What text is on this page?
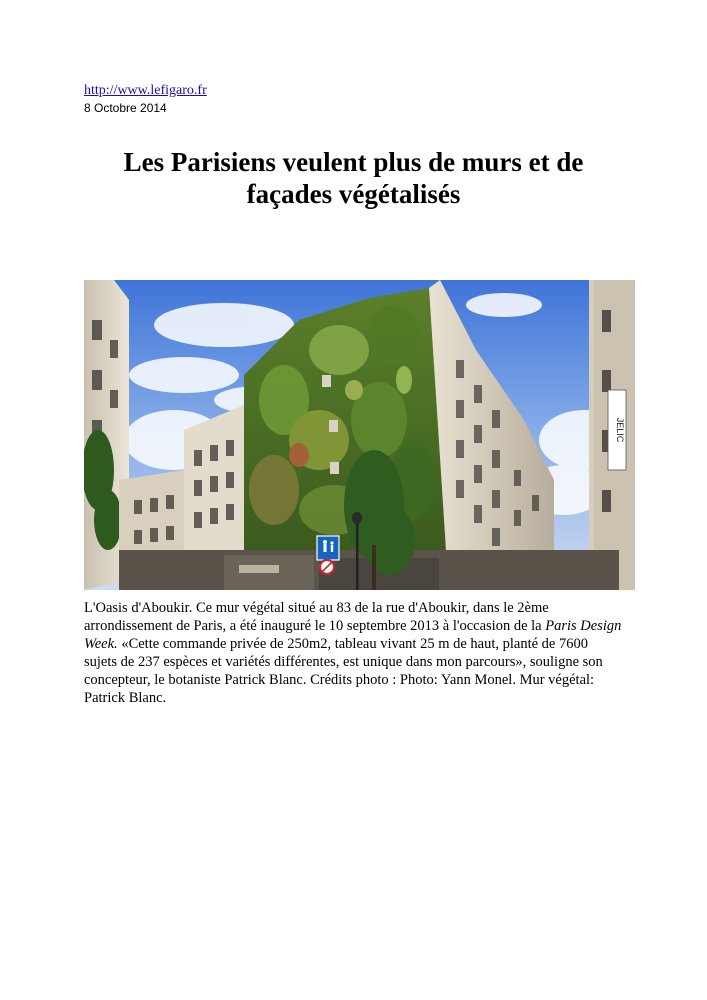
http://www.lefigaro.fr
8 Octobre 2014
Les Parisiens veulent plus de murs et de
façades végétalisés
JELIC

L'Oasis d'Aboukir. Ce mur végétal situé au 83 de la rue d'Aboukir, dans le 2ème arrondissement de Paris, a été inauguré le 10 septembre 2013 à l'occasion de la Paris Design Week. «Cette commande privée de 250m2, tableau vivant 25 m de haut, planté de 7600 sujets de 237 espèces et variétés différentes, est unique dans mon parcours», souligne son concepteur, le botaniste Patrick Blanc. Crédits photo : Photo: Yann Monel. Mur végétal: Patrick Blanc.
